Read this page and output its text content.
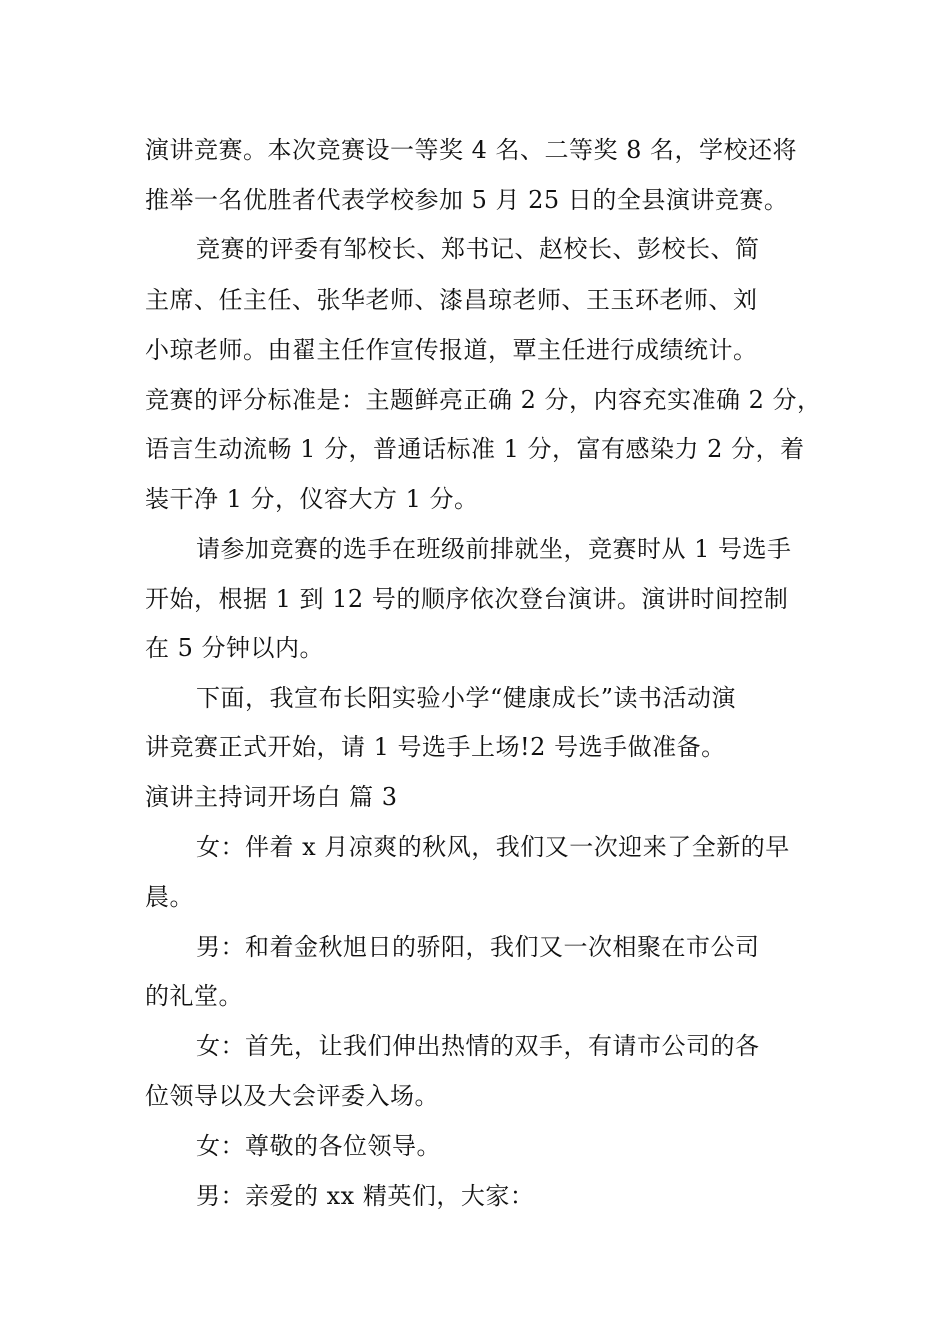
演讲竞赛。本次竞赛设一等奖 4 名、二等奖 8 名，学校还将
推举一名优胜者代表学校参加 5 月 25 日的全县演讲竞赛。
竞赛的评委有邹校长、郑书记、赵校长、彭校长、简
主席、任主任、张华老师、漆昌琼老师、王玉环老师、刘
小琼老师。由翟主任作宣传报道，覃主任进行成绩统计。
竞赛的评分标准是：主题鲜亮正确 2 分，内容充实准确 2 分，
语言生动流畅 1 分，普通话标准 1 分，富有感染力 2 分，着
装干净 1 分，仪容大方 1 分。
请参加竞赛的选手在班级前排就坐，竞赛时从 1 号选手
开始，根据 1 到 12 号的顺序依次登台演讲。演讲时间控制
在 5 分钟以内。
下面，我宣布长阳实验小学“健康成长”读书活动演
讲竞赛正式开始，请 1 号选手上场!2 号选手做准备。
演讲主持词开场白 篇 3
女：伴着 x 月凉爽的秋风，我们又一次迎来了全新的早
晨。
男：和着金秋旭日的骄阳，我们又一次相聚在市公司
的礼堂。
女：首先，让我们伸出热情的双手，有请市公司的各
位领导以及大会评委入场。
女：尊敬的各位领导。
男：亲爱的 xx 精英们，大家：
